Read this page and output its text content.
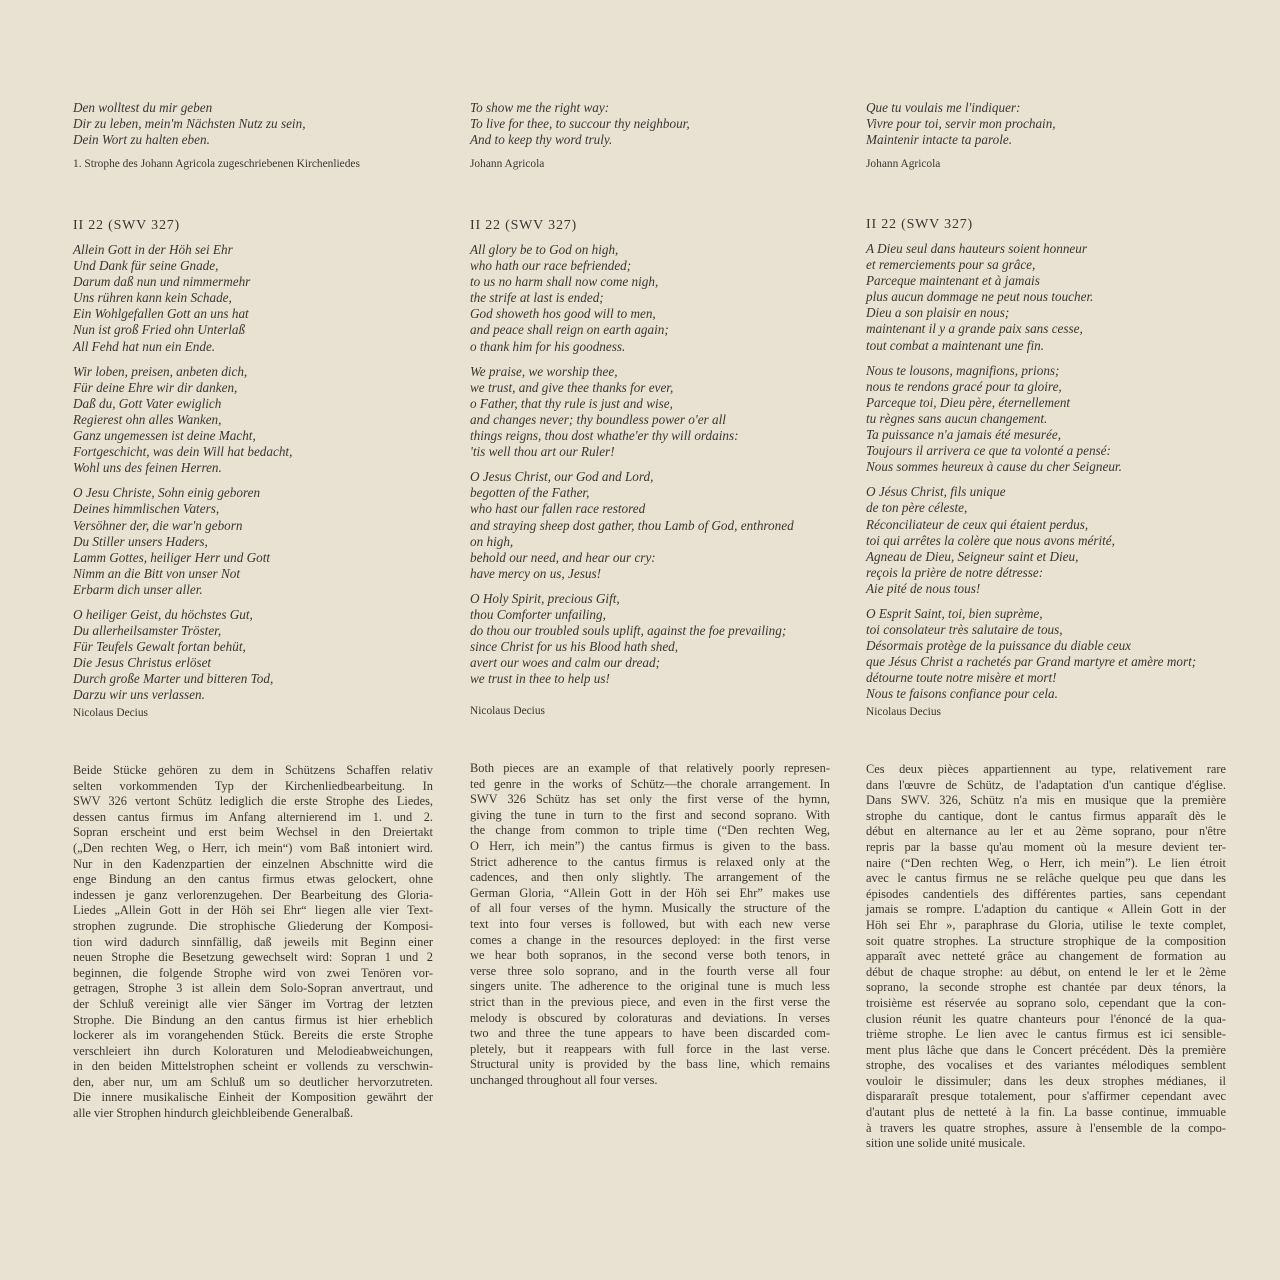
Den wolltest du mir geben
Dir zu leben, mein'm Nächsten Nutz zu sein,
Dein Wort zu halten eben.
1. Strophe des Johann Agricola zugeschriebenen Kirchenliedes
II 22 (SWV 327)
Allein Gott in der Höh sei Ehr
Und Dank für seine Gnade,
Darum daß nun und nimmermehr
Uns rühren kann kein Schade,
Ein Wohlgefallen Gott an uns hat
Nun ist groß Fried ohn Unterlaß
All Fehd hat nun ein Ende.
Wir loben, preisen, anbeten dich,
Für deine Ehre wir dir danken,
Daß du, Gott Vater ewiglich
Regierest ohn alles Wanken,
Ganz ungemessen ist deine Macht,
Fortgeschicht, was dein Will hat bedacht,
Wohl uns des feinen Herren.
O Jesu Christe, Sohn einig geboren
Deines himmlischen Vaters,
Versöhner der, die war'n geborn
Du Stiller unsers Haders,
Lamm Gottes, heiliger Herr und Gott
Nimm an die Bitt von unser Not
Erbarm dich unser aller.
O heiliger Geist, du höchstes Gut,
Du allerheilsamster Tröster,
Für Teufels Gewalt fortan behüt,
Die Jesus Christus erlöset
Durch große Marter und bitteren Tod,
Darzu wir uns verlassen.
Nicolaus Decius
Beide Stücke gehören zu dem in Schützens Schaffen relativ
selten vorkommenden Typ der Kirchenliedbearbeitung. In
SWV 326 vertont Schütz lediglich die erste Strophe des Liedes,
dessen cantus firmus im Anfang alternierend im 1. und 2.
Sopran erscheint und erst beim Wechsel in den Dreiertakt
(„Den rechten Weg, o Herr, ich mein“) vom Baß intoniert wird.
Nur in den Kadenzpartien der einzelnen Abschnitte wird die
enge Bindung an den cantus firmus etwas gelockert, ohne
indessen je ganz verlorenzugehen. Der Bearbeitung des Gloria-
Liedes „Allein Gott in der Höh sei Ehr“ liegen alle vier Text-
strophen zugrunde. Die strophische Gliederung der Komposi-
tion wird dadurch sinnfällig, daß jeweils mit Beginn einer
neuen Strophe die Besetzung gewechselt wird: Sopran 1 und 2
beginnen, die folgende Strophe wird von zwei Tenören vor-
getragen, Strophe 3 ist allein dem Solo-Sopran anvertraut, und
der Schluß vereinigt alle vier Sänger im Vortrag der letzten
Strophe. Die Bindung an den cantus firmus ist hier erheblich
lockerer als im vorangehenden Stück. Bereits die erste Strophe
verschleiert ihn durch Koloraturen und Melodieabweichungen,
in den beiden Mittelstrophen scheint er vollends zu verschwin-
den, aber nur, um am Schluß um so deutlicher hervorzutreten.
Die innere musikalische Einheit der Komposition gewährt der
alle vier Strophen hindurch gleichbleibende Generalbaß.
To show me the right way:
To live for thee, to succour thy neighbour,
And to keep thy word truly.
Johann Agricola
II 22 (SWV 327)
All glory be to God on high,
who hath our race befriended;
to us no harm shall now come nigh,
the strife at last is ended;
God showeth hos good will to men,
and peace shall reign on earth again;
o thank him for his goodness.
We praise, we worship thee,
we trust, and give thee thanks for ever,
o Father, that thy rule is just and wise,
and changes never; thy boundless power o'er all
things reigns, thou dost whathe'er thy will ordains:
'tis well thou art our Ruler!
O Jesus Christ, our God and Lord,
begotten of the Father,
who hast our fallen race restored
and straying sheep dost gather, thou Lamb of God, enthroned
on high,
behold our need, and hear our cry:
have mercy on us, Jesus!
O Holy Spirit, precious Gift,
thou Comforter unfailing,
do thou our troubled souls uplift, against the foe prevailing;
since Christ for us his Blood hath shed,
avert our woes and calm our dread;
we trust in thee to help us!
Nicolaus Decius
Both pieces are an example of that relatively poorly represen-
ted genre in the works of Schütz—the chorale arrangement. In
SWV 326 Schütz has set only the first verse of the hymn,
giving the tune in turn to the first and second soprano. With
the change from common to triple time (“Den rechten Weg,
O Herr, ich mein”) the cantus firmus is given to the bass.
Strict adherence to the cantus firmus is relaxed only at the
cadences, and then only slightly. The arrangement of the
German Gloria, “Allein Gott in der Höh sei Ehr” makes use
of all four verses of the hymn. Musically the structure of the
text into four verses is followed, but with each new verse
comes a change in the resources deployed: in the first verse
we hear both sopranos, in the second verse both tenors, in
verse three solo soprano, and in the fourth verse all four
singers unite. The adherence to the original tune is much less
strict than in the previous piece, and even in the first verse the
melody is obscured by coloraturas and deviations. In verses
two and three the tune appears to have been discarded com-
pletely, but it reappears with full force in the last verse.
Structural unity is provided by the bass line, which remains
unchanged throughout all four verses.
Que tu voulais me l'indiquer:
Vivre pour toi, servir mon prochain,
Maintenir intacte ta parole.
Johann Agricola
II 22 (SWV 327)
A Dieu seul dans hauteurs soient honneur
et remerciements pour sa grâce,
Parceque maintenant et à jamais
plus aucun dommage ne peut nous toucher.
Dieu a son plaisir en nous;
maintenant il y a grande paix sans cesse,
tout combat a maintenant une fin.
Nous te lousons, magnifions, prions;
nous te rendons gracé pour ta gloire,
Parceque toi, Dieu père, éternellement
tu règnes sans aucun changement.
Ta puissance n'a jamais été mesurée,
Toujours il arrivera ce que ta volonté a pensé:
Nous sommes heureux à cause du cher Seigneur.
O Jésus Christ, fils unique
de ton père céleste,
Réconciliateur de ceux qui étaient perdus,
toi qui arrêtes la colère que nous avons mérité,
Agneau de Dieu, Seigneur saint et Dieu,
reçois la prière de notre détresse:
Aie pité de nous tous!
O Esprit Saint, toi, bien suprème,
toi consolateur très salutaire de tous,
Désormais protège de la puissance du diable ceux
que Jésus Christ a rachetés par Grand martyre et amère mort;
détourne toute notre misère et mort!
Nous te faisons confiance pour cela.
Nicolaus Decius
Ces deux pièces appartiennent au type, relativement rare
dans l'œuvre de Schütz, de l'adaptation d'un cantique d'église.
Dans SWV. 326, Schütz n'a mis en musique que la première
strophe du cantique, dont le cantus firmus apparaît dès le
début en alternance au ler et au 2ème soprano, pour n'être
repris par la basse qu'au moment où la mesure devient ter-
naire (“Den rechten Weg, o Herr, ich mein”). Le lien étroit
avec le cantus firmus ne se relâche quelque peu que dans les
épisodes candentiels des différentes parties, sans cependant
jamais se rompre. L'adaption du cantique « Allein Gott in der
Höh sei Ehr », paraphrase du Gloria, utilise le texte complet,
soit quatre strophes. La structure strophique de la composition
apparaît avec netteté grâce au changement de formation au
début de chaque strophe: au début, on entend le ler et le 2ème
soprano, la seconde strophe est chantée par deux ténors, la
troisième est réservée au soprano solo, cependant que la con-
clusion réunit les quatre chanteurs pour l'énoncé de la qua-
trième strophe. Le lien avec le cantus firmus est ici sensible-
ment plus lâche que dans le Concert précédent. Dès la première
strophe, des vocalises et des variantes mélodiques semblent
vouloir le dissimuler; dans les deux strophes médianes, il
dispararaît presque totalement, pour s'affirmer cependant avec
d'autant plus de netteté à la fin. La basse continue, immuable
à travers les quatre strophes, assure à l'ensemble de la compo-
sition une solide unité musicale.
